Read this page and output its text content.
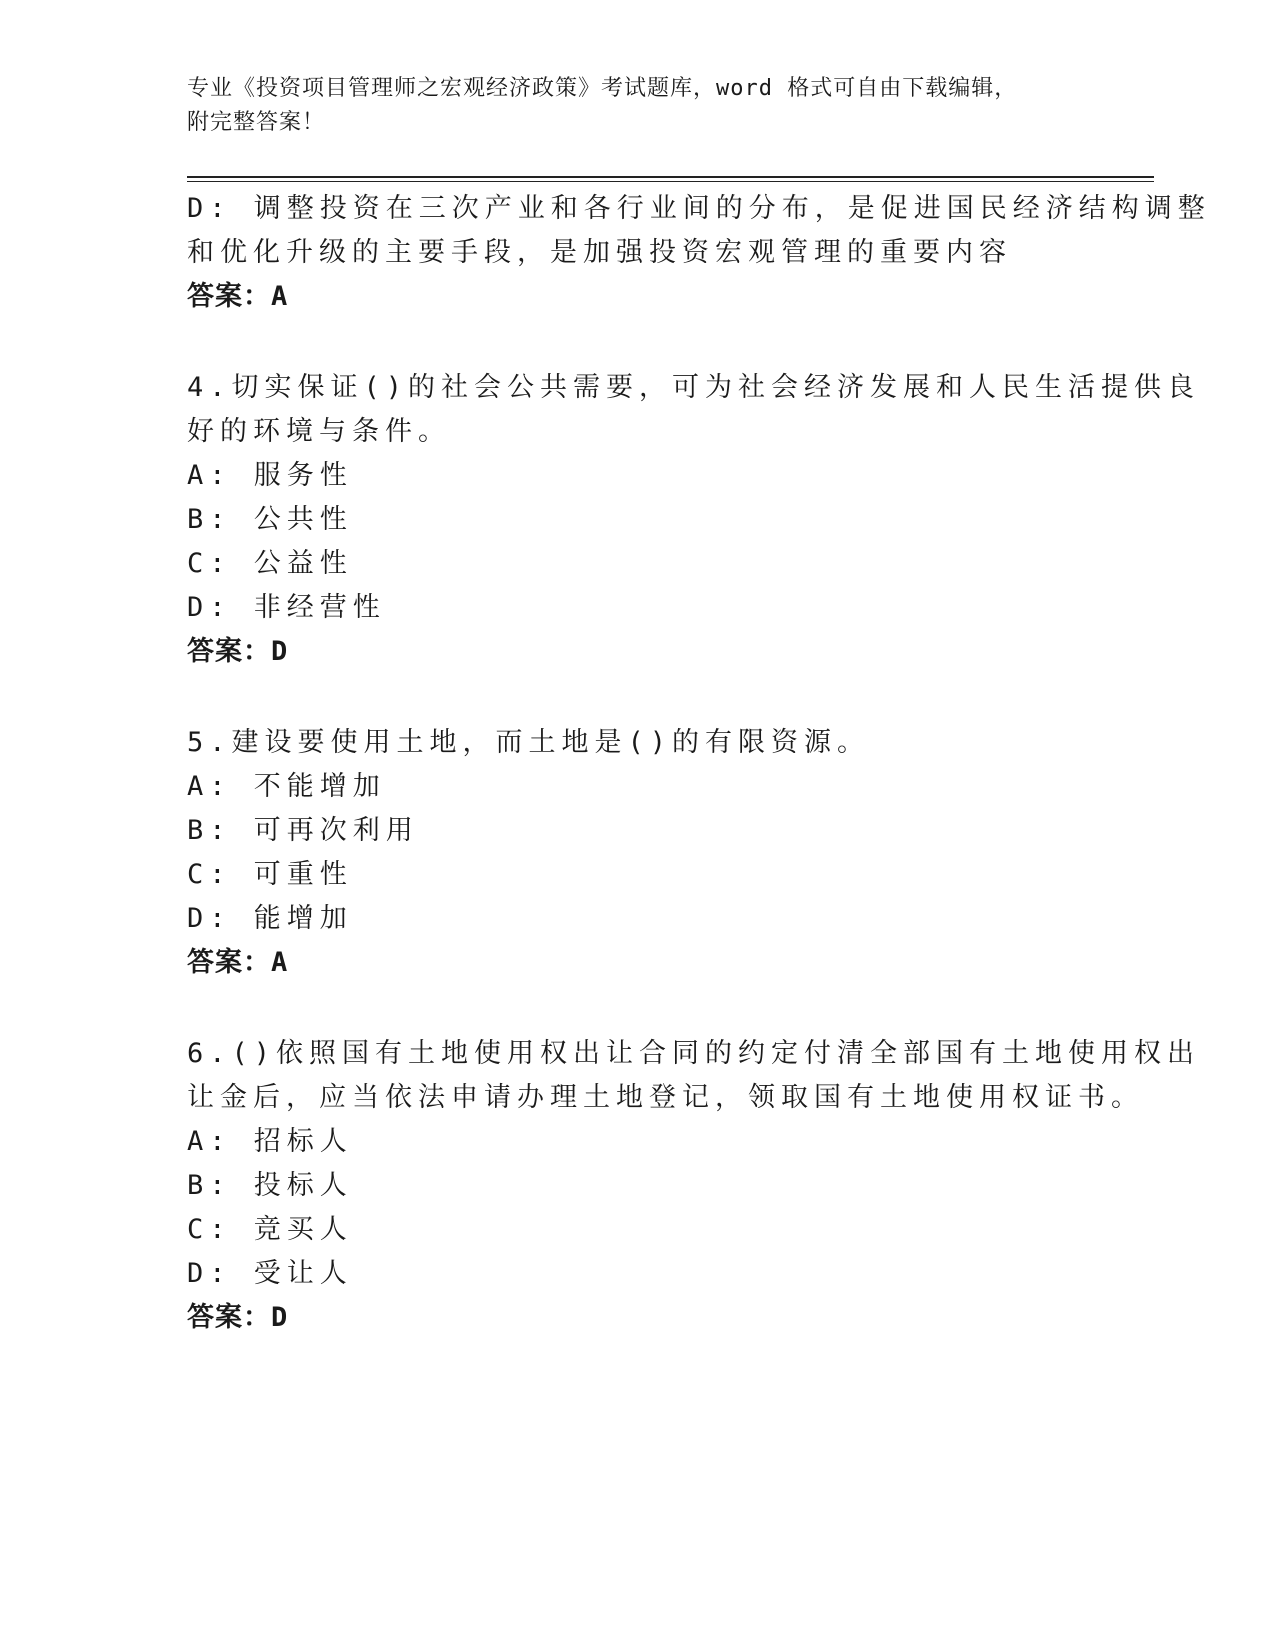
专业《投资项目管理师之宏观经济政策》考试题库，word 格式可自由下载编辑，
附完整答案！
D: 调整投资在三次产业和各行业间的分布，是促进国民经济结构调整
和优化升级的主要手段，是加强投资宏观管理的重要内容
答案：A
4.切实保证()的社会公共需要，可为社会经济发展和人民生活提供良
好的环境与条件。
A: 服务性
B: 公共性
C: 公益性
D: 非经营性
答案：D
5.建设要使用土地，而土地是()的有限资源。
A: 不能增加
B: 可再次利用
C: 可重性
D: 能增加
答案：A
6.()依照国有土地使用权出让合同的约定付清全部国有土地使用权出
让金后，应当依法申请办理土地登记，领取国有土地使用权证书。
A: 招标人
B: 投标人
C: 竞买人
D: 受让人
答案：D
